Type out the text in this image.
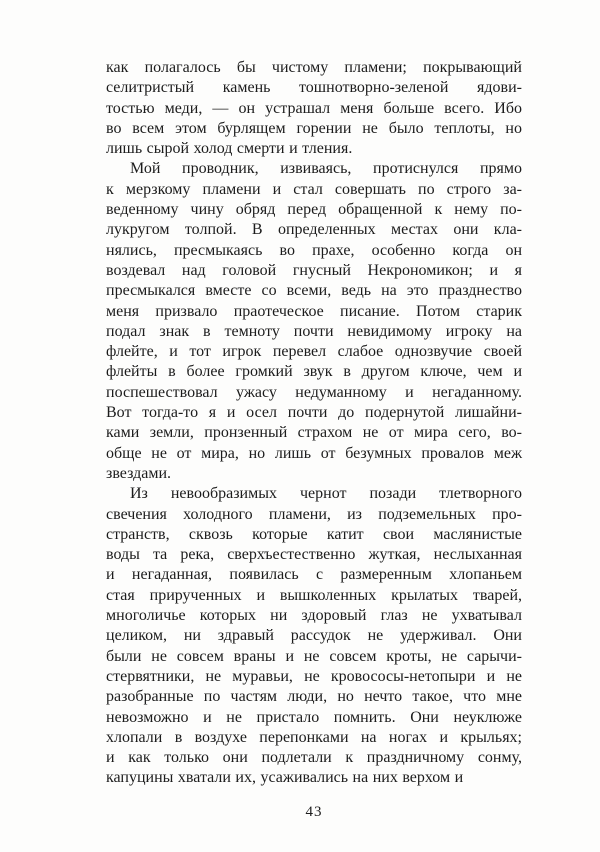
как полагалось бы чистому пламени; покрывающий
селитристый камень тошнотворно-зеленой ядови-
тостью меди, — он устрашал меня больше всего. Ибо
во всем этом бурлящем горении не было теплоты, но
лишь сырой холод смерти и тления.
Мой проводник, извиваясь, протиснулся прямо
к мерзкому пламени и стал совершать по строго за-
веденному чину обряд перед обращенной к нему по-
лукругом толпой. В определенных местах они кла-
нялись, пресмыкаясь во прахе, особенно когда он
воздевал над головой гнусный Некрономикон; и я
пресмыкался вместе со всеми, ведь на это празднество
меня призвало праотеческое писание. Потом старик
подал знак в темноту почти невидимому игроку на
флейте, и тот игрок перевел слабое однозвучие своей
флейты в более громкий звук в другом ключе, чем и
поспешествовал ужасу недуманному и негаданному.
Вот тогда-то я и осел почти до подернутой лишайни-
ками земли, пронзенный страхом не от мира сего, во-
обще не от мира, но лишь от безумных провалов меж
звездами.
Из невообразимых чернот позади тлетворного
свечения холодного пламени, из подземельных про-
странств, сквозь которые катит свои маслянистые
воды та река, сверхъестественно жуткая, неслыханная
и негаданная, появилась с размеренным хлопаньем
стая прирученных и вышколенных крылатых тварей,
многоличье которых ни здоровый глаз не ухватывал
целиком, ни здравый рассудок не удерживал. Они
были не совсем враны и не совсем кроты, не сарычи-
стервятники, не муравьи, не кровососы-нетопыри и не
разобранные по частям люди, но нечто такое, что мне
невозможно и не пристало помнить. Они неуклюже
хлопали в воздухе перепонками на ногах и крыльях;
и как только они подлетали к праздничному сонму,
капуцины хватали их, усаживались на них верхом и
43
